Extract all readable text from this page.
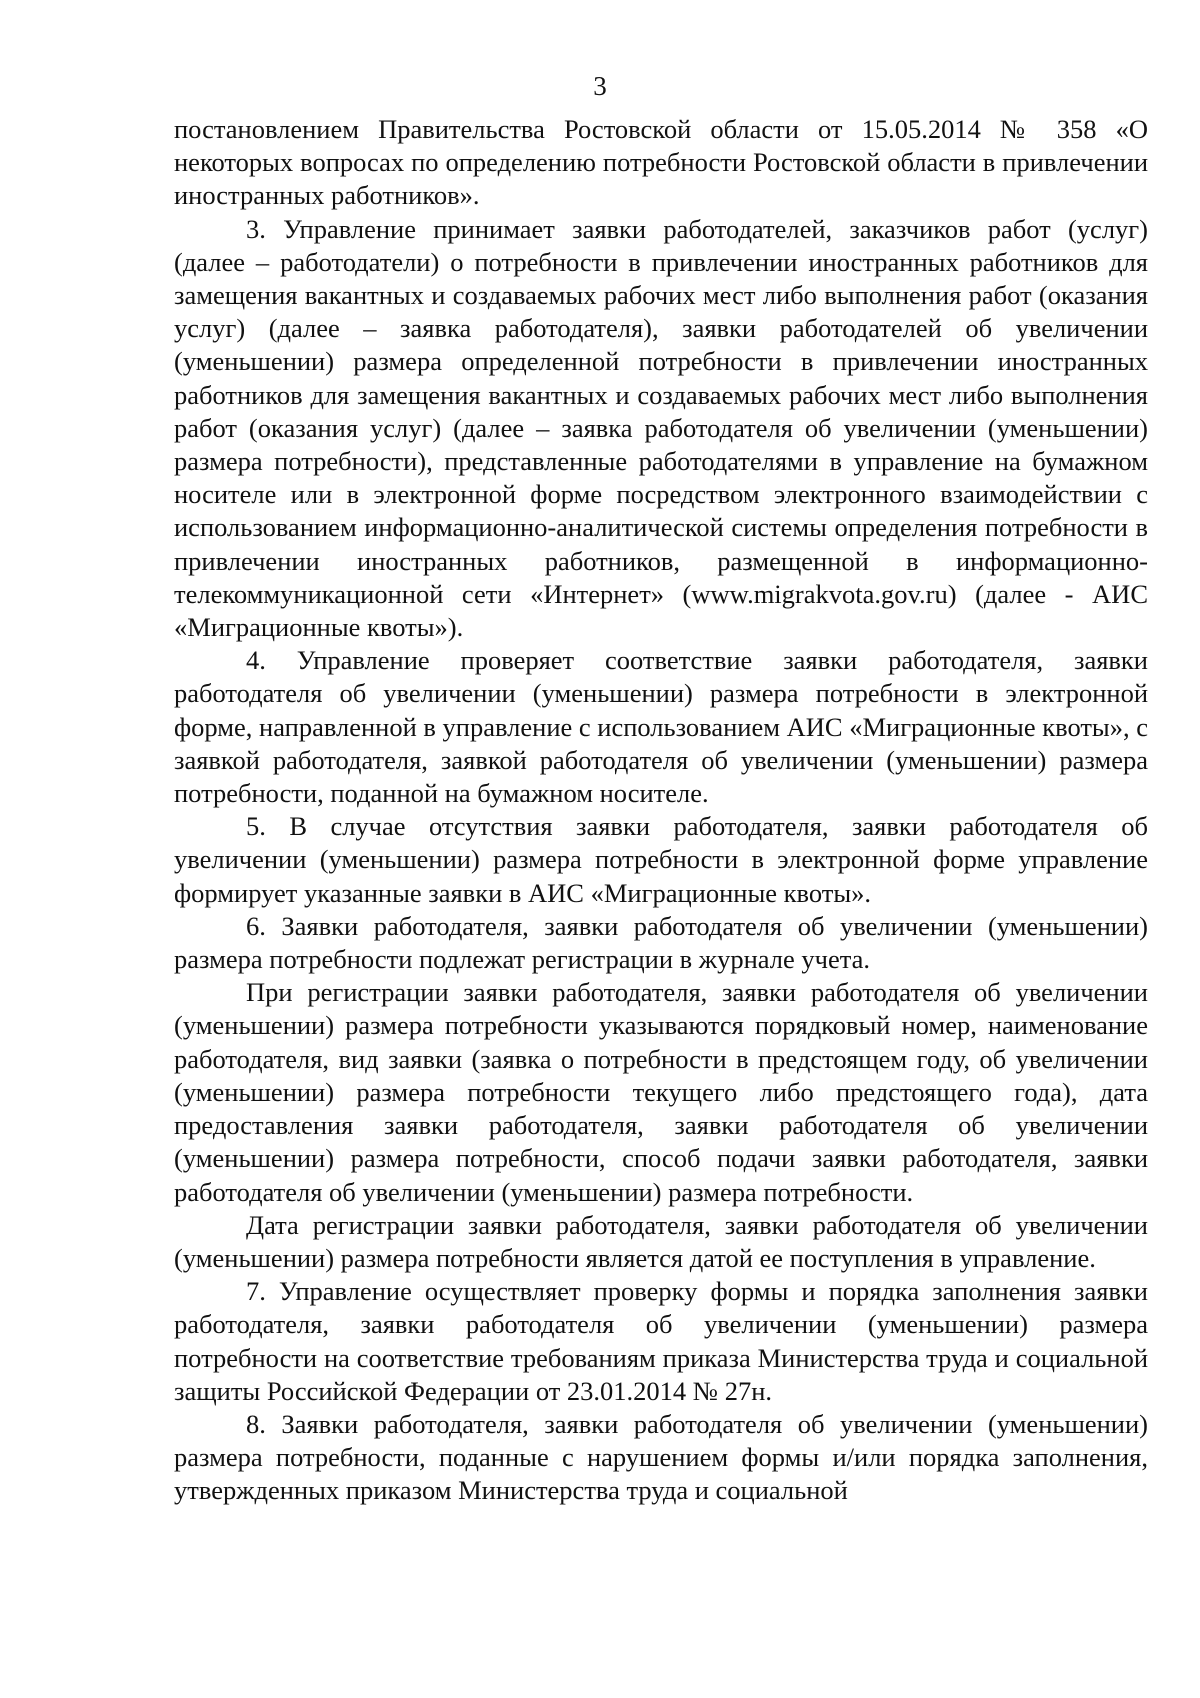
3

постановлением Правительства Ростовской области от 15.05.2014 № 358 «О некоторых вопросах по определению потребности Ростовской области в привлечении иностранных работников».

3. Управление принимает заявки работодателей, заказчиков работ (услуг) (далее – работодатели) о потребности в привлечении иностранных работников для замещения вакантных и создаваемых рабочих мест либо выполнения работ (оказания услуг) (далее – заявка работодателя), заявки работодателей об увеличении (уменьшении) размера определенной потребности в привлечении иностранных работников для замещения вакантных и создаваемых рабочих мест либо выполнения работ (оказания услуг) (далее – заявка работодателя об увеличении (уменьшении) размера потребности), представленные работодателями в управление на бумажном носителе или в электронной форме посредством электронного взаимодействии с использованием информационно-аналитической системы определения потребности в привлечении иностранных работников, размещенной в информационно-телекоммуникационной сети «Интернет» (www.migrakvota.gov.ru) (далее - АИС «Миграционные квоты»).

4. Управление проверяет соответствие заявки работодателя, заявки работодателя об увеличении (уменьшении) размера потребности в электронной форме, направленной в управление с использованием АИС «Миграционные квоты», с заявкой работодателя, заявкой работодателя об увеличении (уменьшении) размера потребности, поданной на бумажном носителе.

5. В случае отсутствия заявки работодателя, заявки работодателя об увеличении (уменьшении) размера потребности в электронной форме управление формирует указанные заявки в АИС «Миграционные квоты».

6. Заявки работодателя, заявки работодателя об увеличении (уменьшении) размера потребности подлежат регистрации в журнале учета.

При регистрации заявки работодателя, заявки работодателя об увеличении (уменьшении) размера потребности указываются порядковый номер, наименование работодателя, вид заявки (заявка о потребности в предстоящем году, об увеличении (уменьшении) размера потребности текущего либо предстоящего года), дата предоставления заявки работодателя, заявки работодателя об увеличении (уменьшении) размера потребности, способ подачи заявки работодателя, заявки работодателя об увеличении (уменьшении) размера потребности.

Дата регистрации заявки работодателя, заявки работодателя об увеличении (уменьшении) размера потребности является датой ее поступления в управление.

7. Управление осуществляет проверку формы и порядка заполнения заявки работодателя, заявки работодателя об увеличении (уменьшении) размера потребности на соответствие требованиям приказа Министерства труда и социальной защиты Российской Федерации от 23.01.2014 № 27н.

8. Заявки работодателя, заявки работодателя об увеличении (уменьшении) размера потребности, поданные с нарушением формы и/или порядка заполнения, утвержденных приказом Министерства труда и социальной
